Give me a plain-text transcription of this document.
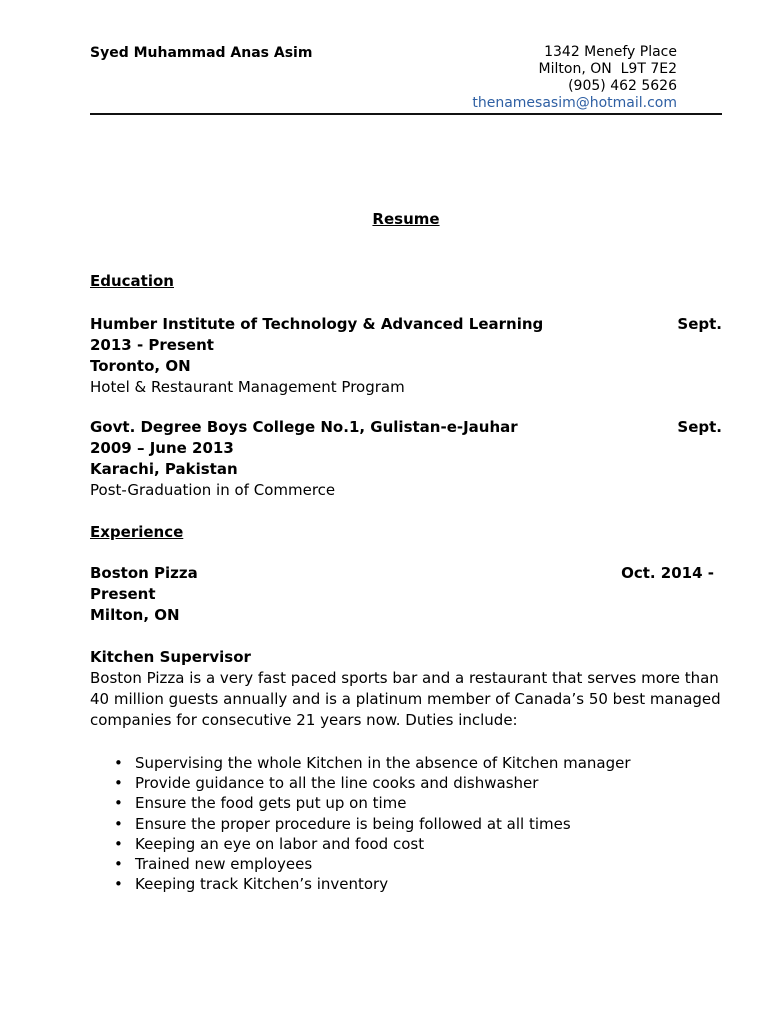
Syed Muhammad Anas Asim	1342 Menefy Place
Milton, ON  L9T 7E2
(905) 462 5626
thenamesasim@hotmail.com
Resume
Education
Humber Institute of Technology & Advanced Learning	Sept.
2013 - Present
Toronto, ON
Hotel & Restaurant Management Program
Govt. Degree Boys College No.1, Gulistan-e-Jauhar	Sept.
2009 – June 2013
Karachi, Pakistan
Post-Graduation in of Commerce
Experience
Boston Pizza	Oct. 2014 -
Present
Milton, ON
Kitchen Supervisor
Boston Pizza is a very fast paced sports bar and a restaurant that serves more than 40 million guests annually and is a platinum member of Canada’s 50 best managed companies for consecutive 21 years now. Duties include:
• Supervising the whole Kitchen in the absence of Kitchen manager
• Provide guidance to all the line cooks and dishwasher
• Ensure the food gets put up on time
• Ensure the proper procedure is being followed at all times
• Keeping an eye on labor and food cost
• Trained new employees
• Keeping track Kitchen’s inventory
